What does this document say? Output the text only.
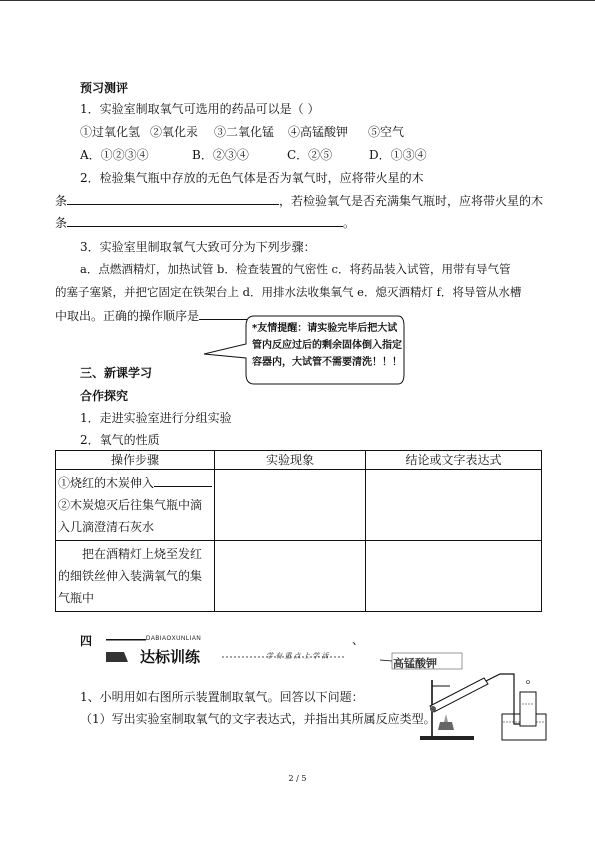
预习测评
1．实验室制取氧气可选用的药品可以是（ ）
①过氧化氢 ②氧化汞 ③二氧化锰 ④高锰酸钾 ⑤空气
A．①②③④	B．②③④	C．②⑤	D．①③④
2．检验集气瓶中存放的无色气体是否为氧气时，应将带火星的木
条	，若检验氧气是否充满集气瓶时，应将带火星的木
条	。
3．实验室里制取氧气大致可分为下列步骤：
a．点燃酒精灯，加热试管 b．检查装置的气密性 c．将药品装入试管，用带有导气管
的塞子塞紧，并把它固定在铁架台上 d．用排水法收集氧气 e．熄灭酒精灯 f．将导管从水槽
中取出。正确的操作顺序是
*友情提醒：请实验完毕后把大试管内反应过后的剩余固体倒入指定容器内，大试管不需要清洗！！！
三、新课学习
合作探究
1．走进实验室进行分组实验
2．氧气的性质
操作步骤	实验现象	结论或文字表达式

①烧红的木炭伸入
②木炭熄灭后往集气瓶中滴入几滴澄清石灰水		

把在酒精灯上烧至发红的细铁丝伸入装满氧气的集气瓶中		

四	、
DABIAOXUNLIAN
达标训练	学 有 重 点 上 学 活
1、小明用如右图所示装置制取氧气。回答以下问题：
（1）写出实验室制取氧气的文字表达式，并指出其所属反应类型。
高锰酸钾
2 / 5
